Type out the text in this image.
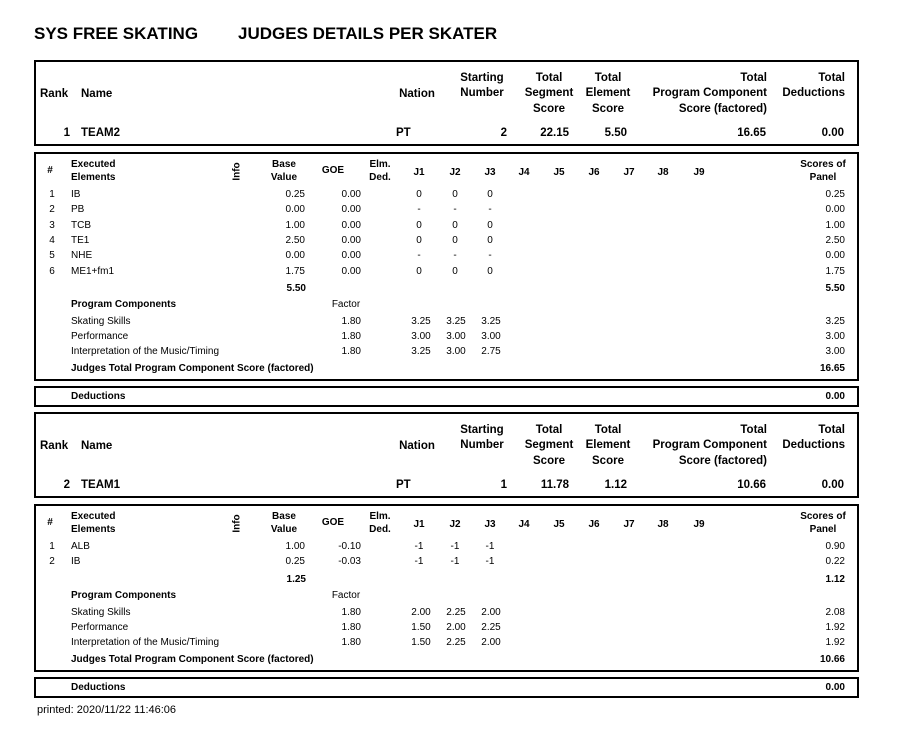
SYS FREE SKATING JUDGES DETAILS PER SKATER
Rank Name	Nation
Starting
Number
Total
Segment
Score
Total
Element
Score
Total
Program Component
Score (factored)
Total
Deductions
1 TEAM2	PT	2	22.15	5.50	16.65	0.00
#
Executed
Elements	Info	Base
Value
GOE
Elm.
Ded.	J1	J2	J3	J4	J5	J6	J7	J8	J9
Scores of
Panel
1	IB	0.25	0.00	0	0	0	0.25
2	PB	0.00	0.00	-	-	-	0.00
3	TCB	1.00	0.00	0	0	0	1.00
4	TE1	2.50	0.00	0	0	0	2.50
5	NHE	0.00	0.00	-	-	-	0.00
6	ME1+fm1	1.75	0.00	0	0	0	1.75
5.50	5.50
Program Components	Factor
Skating Skills	1.80	3.25	3.25	3.25	3.25
Performance	1.80	3.00	3.00	3.00	3.00
Interpretation of the Music/Timing	1.80	3.25	3.00	2.75	3.00
Judges Total Program Component Score (factored)	16.65
Deductions	0.00
Rank Name	Nation
Starting
Number
Total
Segment
Score
Total
Element
Score
Total
Program Component
Score (factored)
Total
Deductions
2 TEAM1	PT	1	11.78	1.12	10.66	0.00
#
Executed
Elements	Info	Base
Value
GOE
Elm.
Ded.	J1	J2	J3	J4	J5	J6	J7	J8	J9
Scores of
Panel
1	ALB	1.00	-0.10	-1	-1	-1	0.90
2	IB	0.25	-0.03	-1	-1	-1	0.22
1.25	1.12
Program Components	Factor
Skating Skills	1.80	2.00	2.25	2.00	2.08
Performance	1.80	1.50	2.00	2.25	1.92
Interpretation of the Music/Timing	1.80	1.50	2.25	2.00	1.92
Judges Total Program Component Score (factored)	10.66
Deductions	0.00
printed: 2020/11/22 11:46:06
